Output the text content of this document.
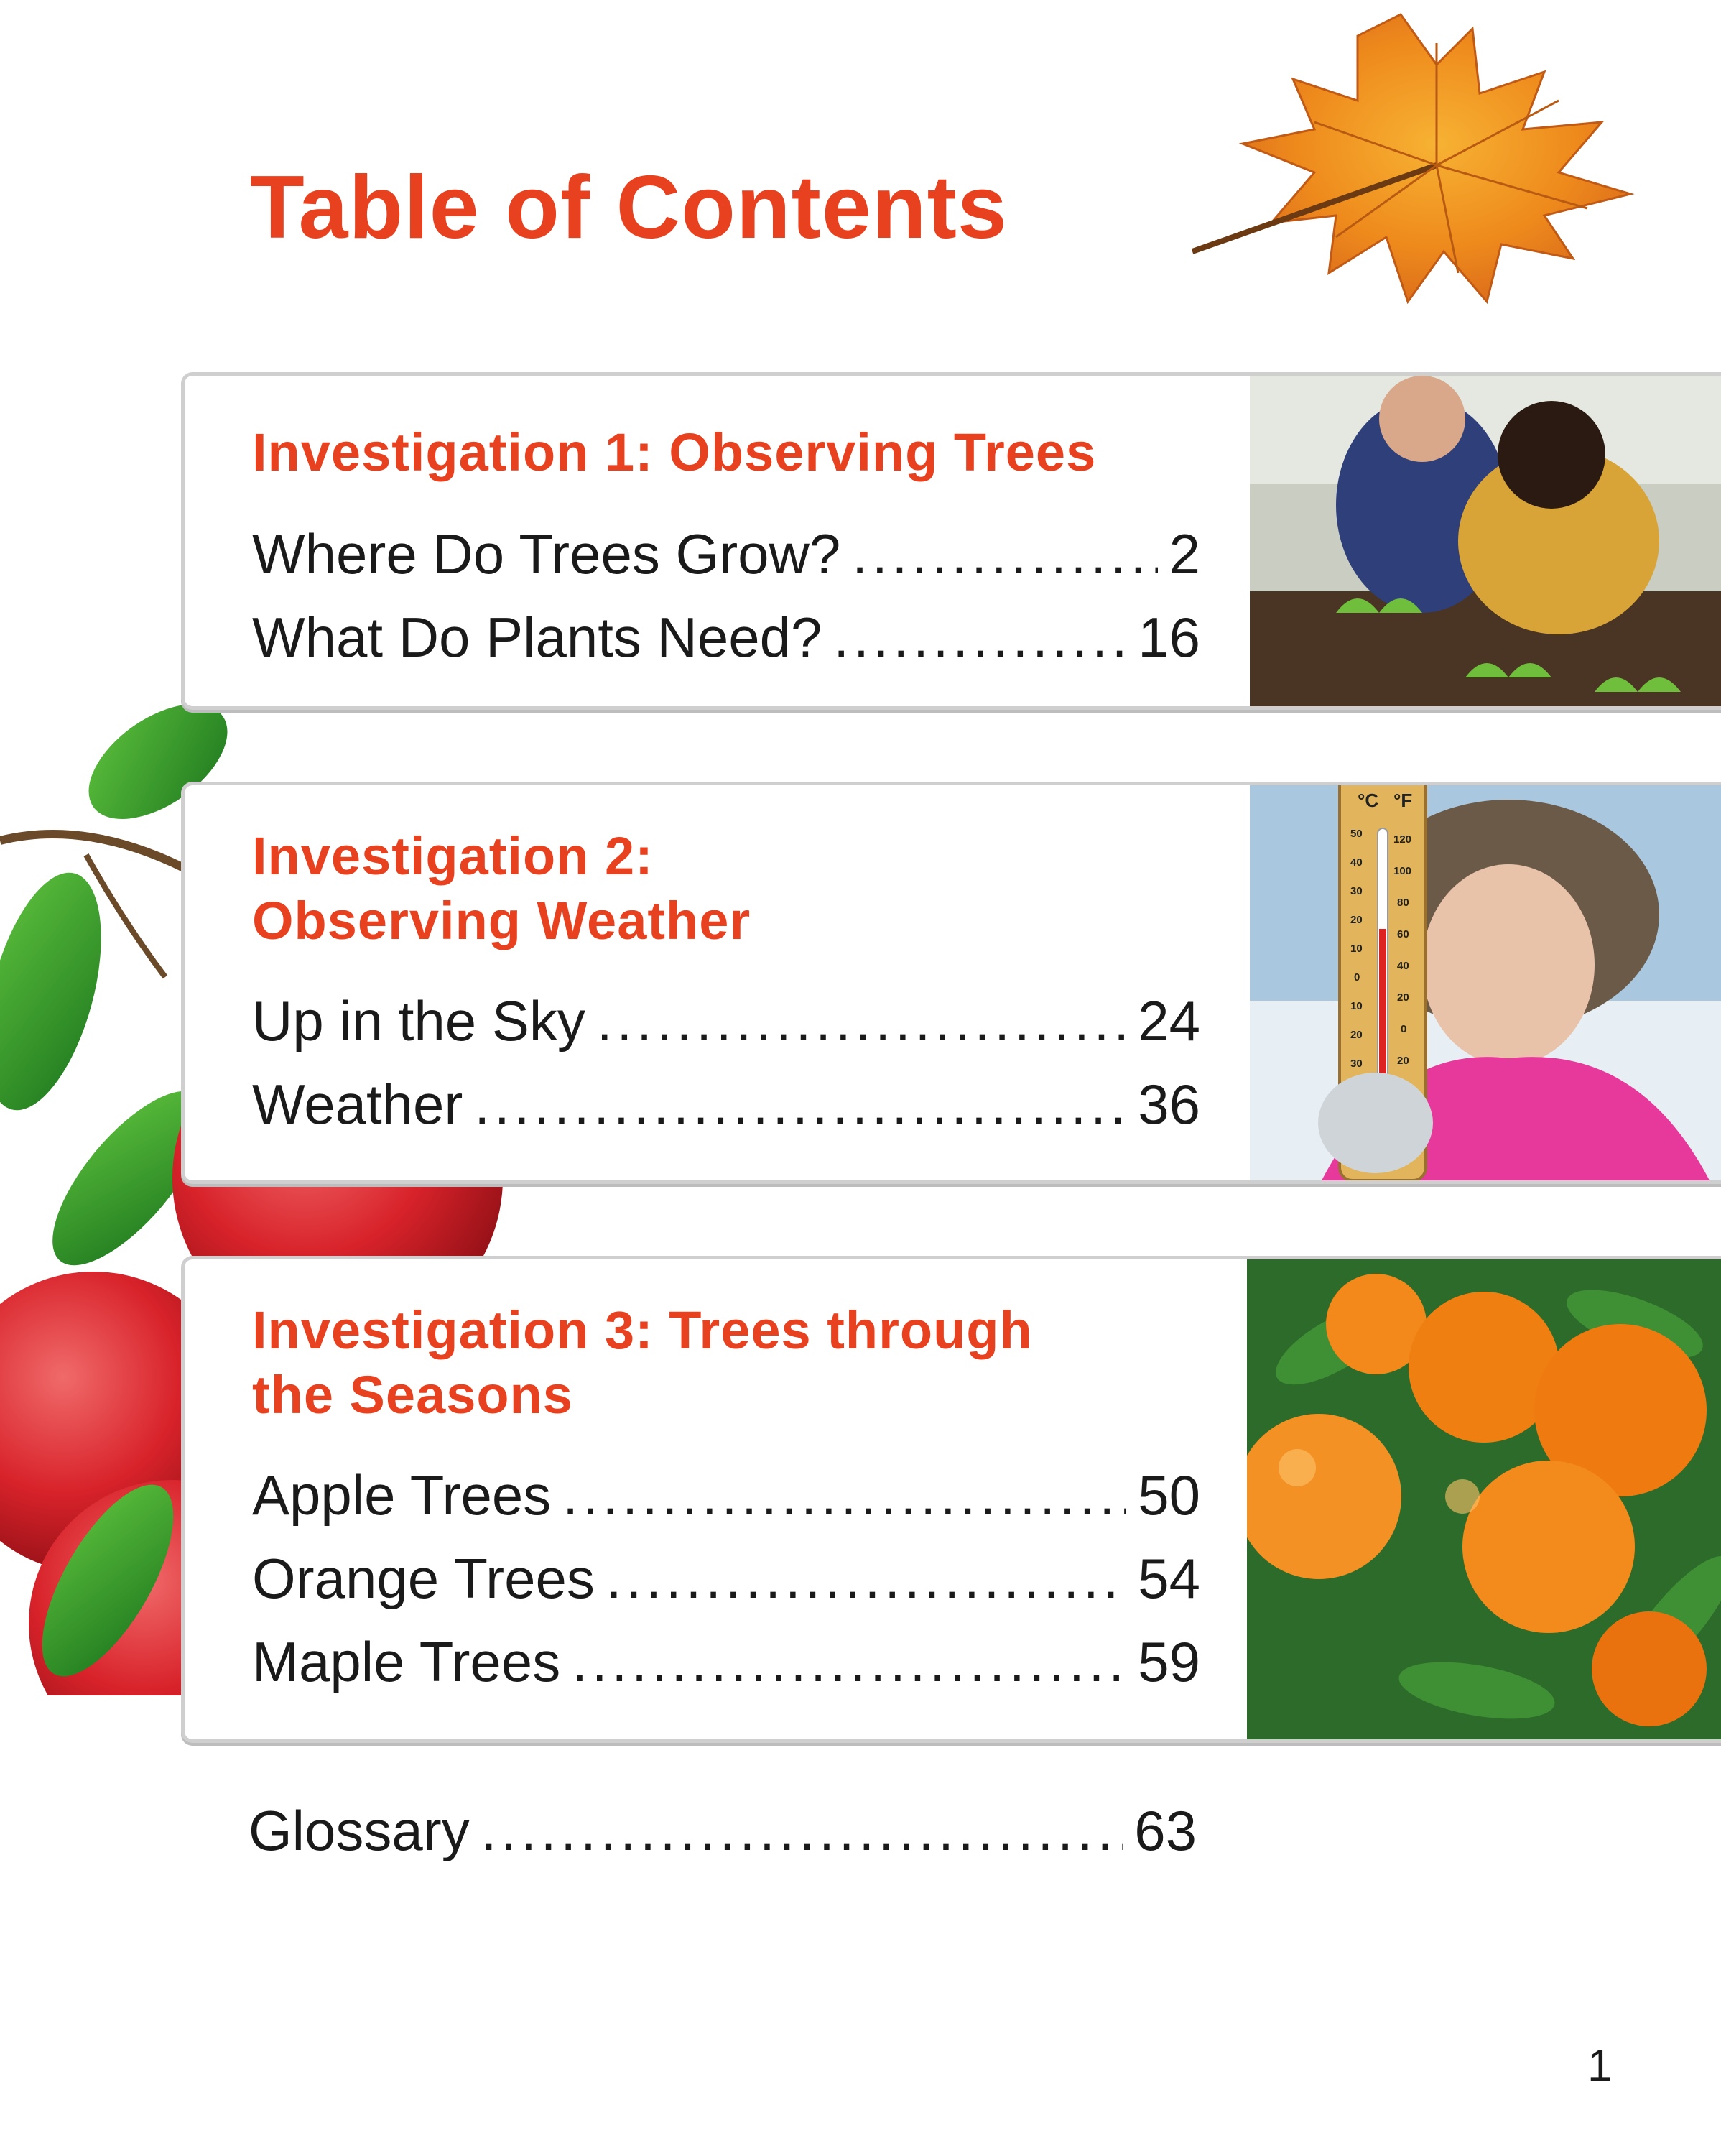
Table of Contents
Investigation 1: Observing Trees
Where Do Trees Grow? .....	2
What Do Plants Need? .....	16
Investigation 2:
Observing Weather
Up in the Sky .....	24
Weather .....	36
°C °F
50
40
30
20
10
0
10
20
30
120
100
80
60
40
20
0
20
Investigation 3: Trees through
the Seasons
Apple Trees .....	50
Orange Trees .....	54
Maple Trees .....	59
Glossary .....	63
1
